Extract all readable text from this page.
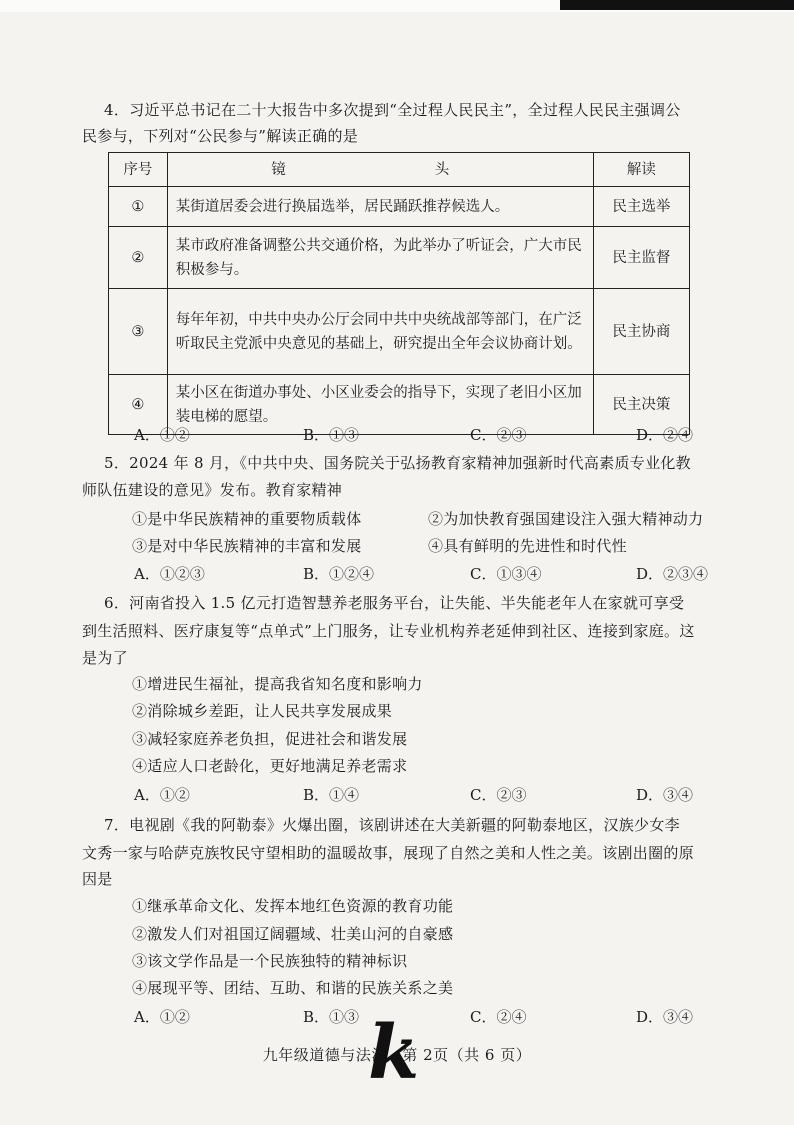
4．习近平总书记在二十大报告中多次提到“全过程人民民主”，全过程人民民主强调公
民参与，下列对“公民参与”解读正确的是
序号	镜　　头	解读
①	某街道居委会进行换届选举，居民踊跃推荐候选人。	民主选举
②	某市政府准备调整公共交通价格，为此举办了听证会，广大市民积极参与。	民主监督
③	每年年初，中共中央办公厅会同中共中央统战部等部门，在广泛听取民主党派中央意见的基础上，研究提出全年会议协商计划。	民主协商
④	某小区在街道办事处、小区业委会的指导下，实现了老旧小区加装电梯的愿望。	民主决策
A．①②	B．①③	C．②③	D．②④
5．2024 年 8 月，《中共中央、国务院关于弘扬教育家精神加强新时代高素质专业化教
师队伍建设的意见》发布。教育家精神
①是中华民族精神的重要物质载体	②为加快教育强国建设注入强大精神动力
③是对中华民族精神的丰富和发展	④具有鲜明的先进性和时代性
A．①②③	B．①②④	C．①③④	D．②③④
6．河南省投入 1.5 亿元打造智慧养老服务平台，让失能、半失能老年人在家就可享受
到生活照料、医疗康复等“点单式”上门服务，让专业机构养老延伸到社区、连接到家庭。这
是为了
①增进民生福祉，提高我省知名度和影响力
②消除城乡差距，让人民共享发展成果
③减轻家庭养老负担，促进社会和谐发展
④适应人口老龄化，更好地满足养老需求
A．①②	B．①④	C．②③	D．③④
7．电视剧《我的阿勒泰》火爆出圈，该剧讲述在大美新疆的阿勒泰地区，汉族少女李
文秀一家与哈萨克族牧民守望相助的温暖故事，展现了自然之美和人性之美。该剧出圈的原
因是
①继承革命文化、发挥本地红色资源的教育功能
②激发人们对祖国辽阔疆域、壮美山河的自豪感
③该文学作品是一个民族独特的精神标识
④展现平等、团结、互助、和谐的民族关系之美
A．①②	B．①③	C．②④	D．③④
九年级道德与法治　第 2页（共 6 页）
k
